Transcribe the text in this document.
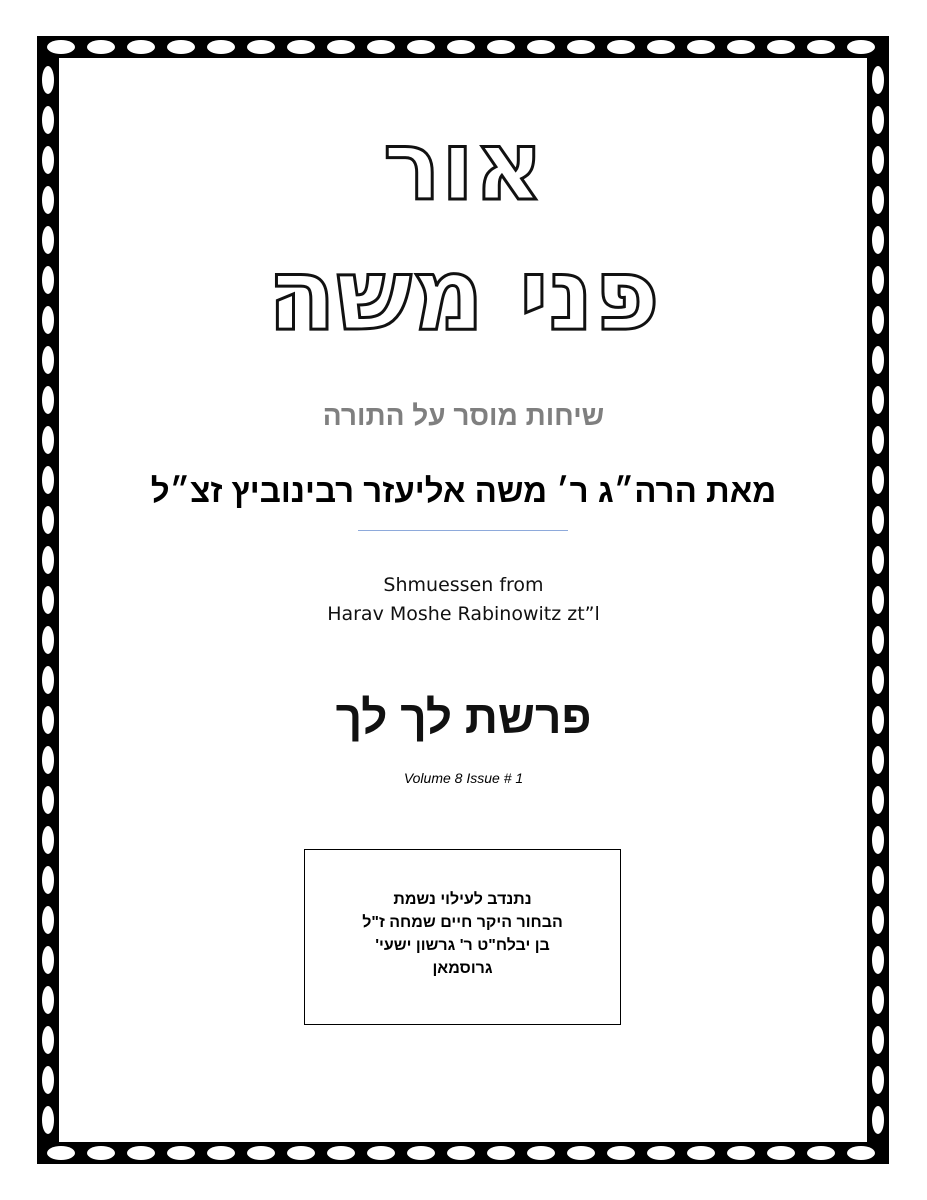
אור
פני משה
שיחות מוסר על התורה
מאת הרה״ג ר׳ משה אליעזר רבינוביץ זצ״ל
Shmuessen from
Harav Moshe Rabinowitz zt”l
פרשת לך לך
Volume 8 Issue # 1
נתנדב לעילוי נשמת
הבחור היקר חיים שמחה ז"ל
בן יבלח"ט ר' גרשון ישעי'
גרוסמאן
